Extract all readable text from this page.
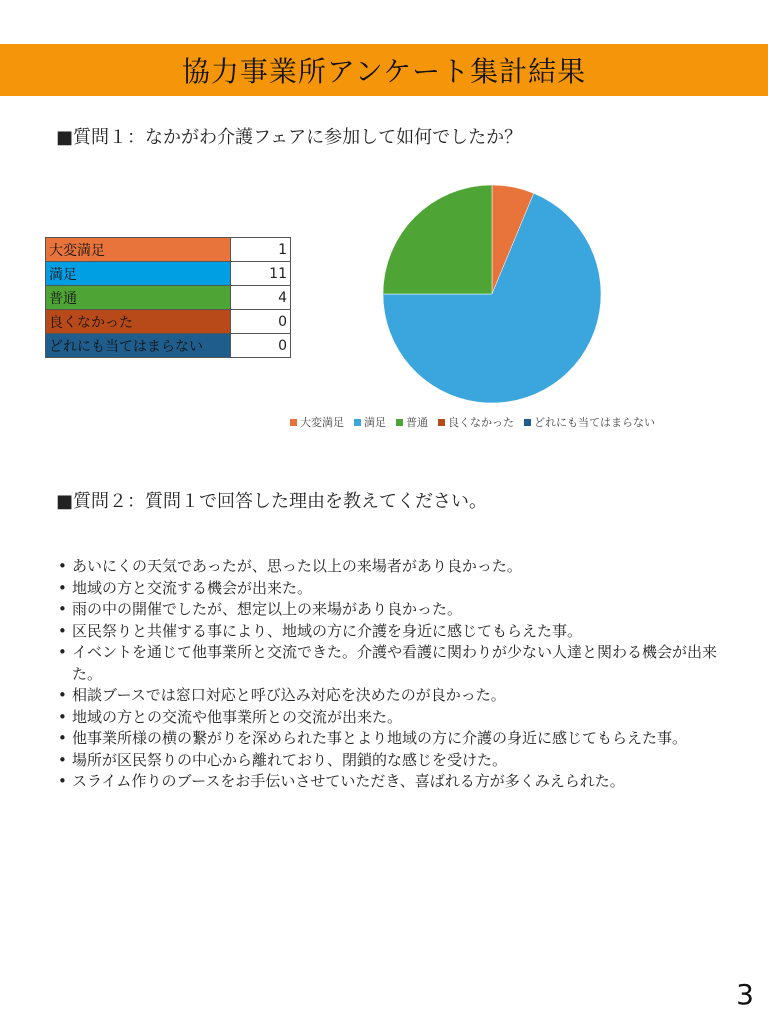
協力事業所アンケート集計結果
■質問１：なかがわ介護フェアに参加して如何でしたか？
大変満足	1
満足	11
普通	4
良くなかった	0
どれにも当てはまらない	0
大変満足 満足 普通 良くなかった どれにも当てはまらない
■質問２：質問１で回答した理由を教えてください。
• あいにくの天気であったが、思った以上の来場者があり良かった。
• 地域の方と交流する機会が出来た。
• 雨の中の開催でしたが、想定以上の来場があり良かった。
• 区民祭りと共催する事により、地域の方に介護を身近に感じてもらえた事。
• イベントを通じて他事業所と交流できた。介護や看護に関わりが少ない人達と関わる機会が出来た。
• 相談ブースでは窓口対応と呼び込み対応を決めたのが良かった。
• 地域の方との交流や他事業所との交流が出来た。
• 他事業所様の横の繋がりを深められた事とより地域の方に介護の身近に感じてもらえた事。
• 場所が区民祭りの中心から離れており、閉鎖的な感じを受けた。
• スライム作りのブースをお手伝いさせていただき、喜ばれる方が多くみえられた。
3
